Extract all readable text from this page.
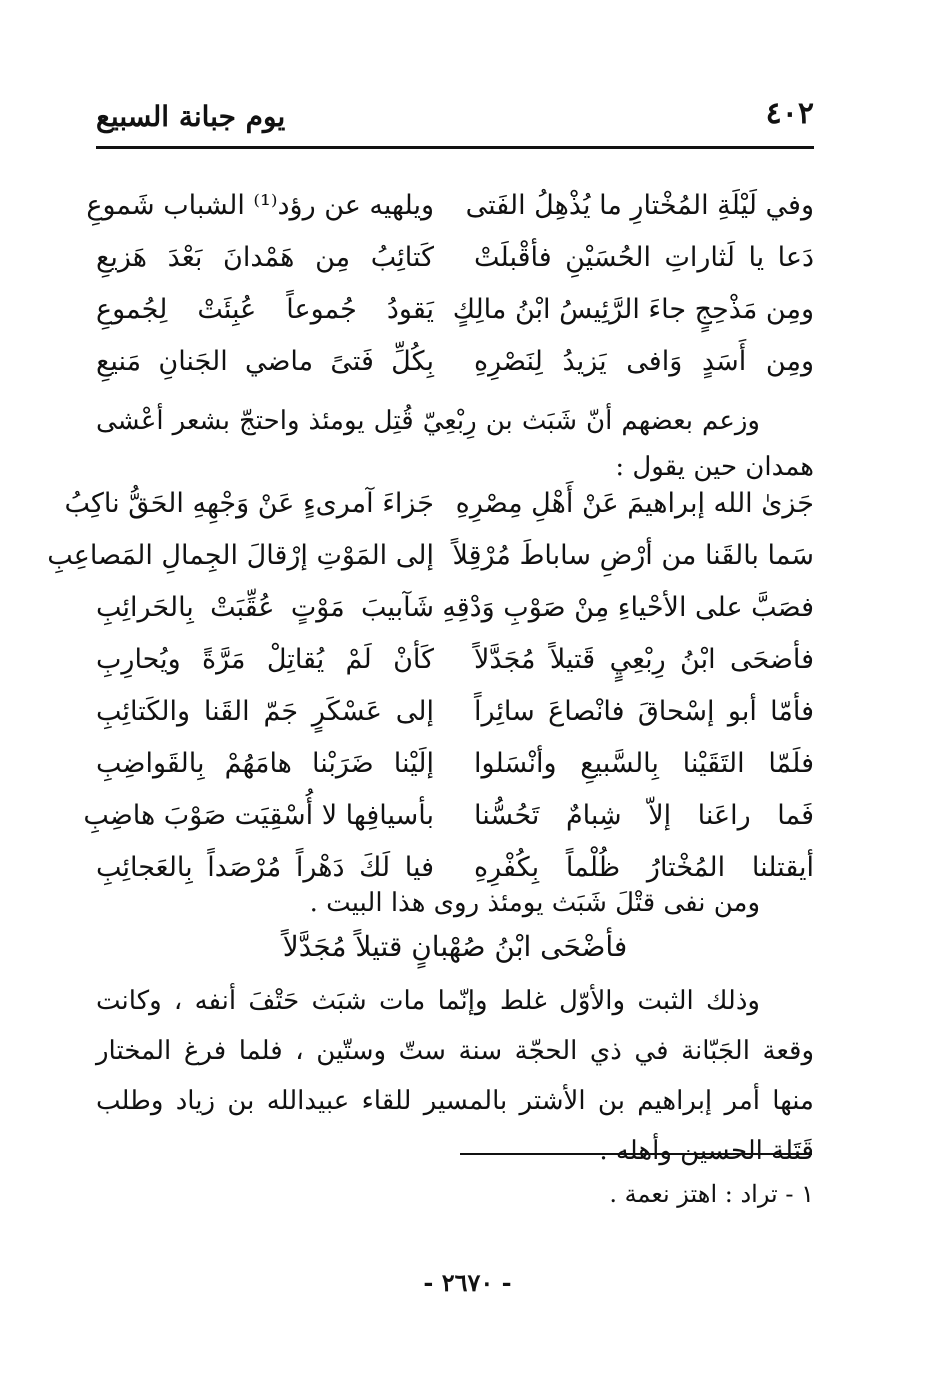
٤٠٢
يوم جبانة السبيع
وفي لَيْلَةِ المُخْتارِ ما يُذْهِلُ الفَتى
ويلهيه عن رؤد⁽¹⁾ الشباب شَموعِ
دَعا يا لَثاراتِ الحُسَيْنِ فأقْبلَتْ
كَتائِبُ مِن هَمْدانَ بَعْدَ هَزيعِ
ومِن مَذْحِجٍ جاءَ الرَّئِيسُ ابْنُ مالِكٍ
يَقودُ جُموعاً عُبِئَتْ لِجُموعِ
ومِن أَسَدٍ وَافى يَزيدُ لِنَصْرِهِ
بِكُلِّ فَتىً ماضي الجَنانِ مَنيعِ

وزعم بعضهم أنّ شَبَث بن رِبْعِيّ قُتِل يومئذ واحتجّ بشعر أعْشى همدان حين يقول :

جَزىٰ الله إبراهيمَ عَنْ أَهْلِ مِصْرِهِ
جَزاءَ آمرىءٍ عَنْ وَجْهِهِ الحَقُّ ناكِبُ
سَما بالقَنا من أرْضِ ساباطَ مُرْقِلاً
إلى المَوْتِ إرْقالَ الجِمالِ المَصاعِبِ
فصَبَّ على الأحْياءِ مِنْ صَوْبِ وَدْقِهِ
شَآبيبَ مَوْتٍ عُقِّبَتْ بِالحَرائِبِ
فأضحَى ابْنُ رِبْعِيٍ قَتيلاً مُجَدَّلاً
كَأنْ لَمْ يُقاتِلْ مَرَّةً ويُحارِبِ
فأمّا أبو إسْحاقَ فانْصاعَ سائِراً
إلى عَسْكَرٍ جَمّ القَنا والكَتائِبِ
فلَمّا التَقَيْنا بِالسَّبيعِ وأنْسَلوا
إلَيْنا ضَرَبْنا هامَهُمْ بِالقَواضِبِ
فَما راعَنا إلاّ شِبامٌ تَحُسُّنا
بأسيافِها لا أُسْقِيَت صَوْبَ هاضِبِ
أيقتلنا المُخْتارُ ظُلْماً بِكُفْرِهِ
فيا لَكَ دَهْراً مُرْصَداً بِالعَجائِبِ

ومن نفى قتْلَ شَبَث يومئذ روى هذا البيت .

فأضْحَى ابْنُ صُهْبانٍ قتيلاً مُجَدَّلاً

وذلك الثبت والأوّل غلط وإنّما مات شبَث حَتْفَ أنفه ، وكانت وقعة الجَبّانة في ذي الحجّة سنة ستّ وستّين ، فلما فرغ المختار منها أمر إبراهيم بن الأشتر بالمسير للقاء عبيدالله بن زياد وطلب قَتَلة الحسين وأهله .

١ - تراد : اهتز نعمة .
- ٢٦٧٠ -
